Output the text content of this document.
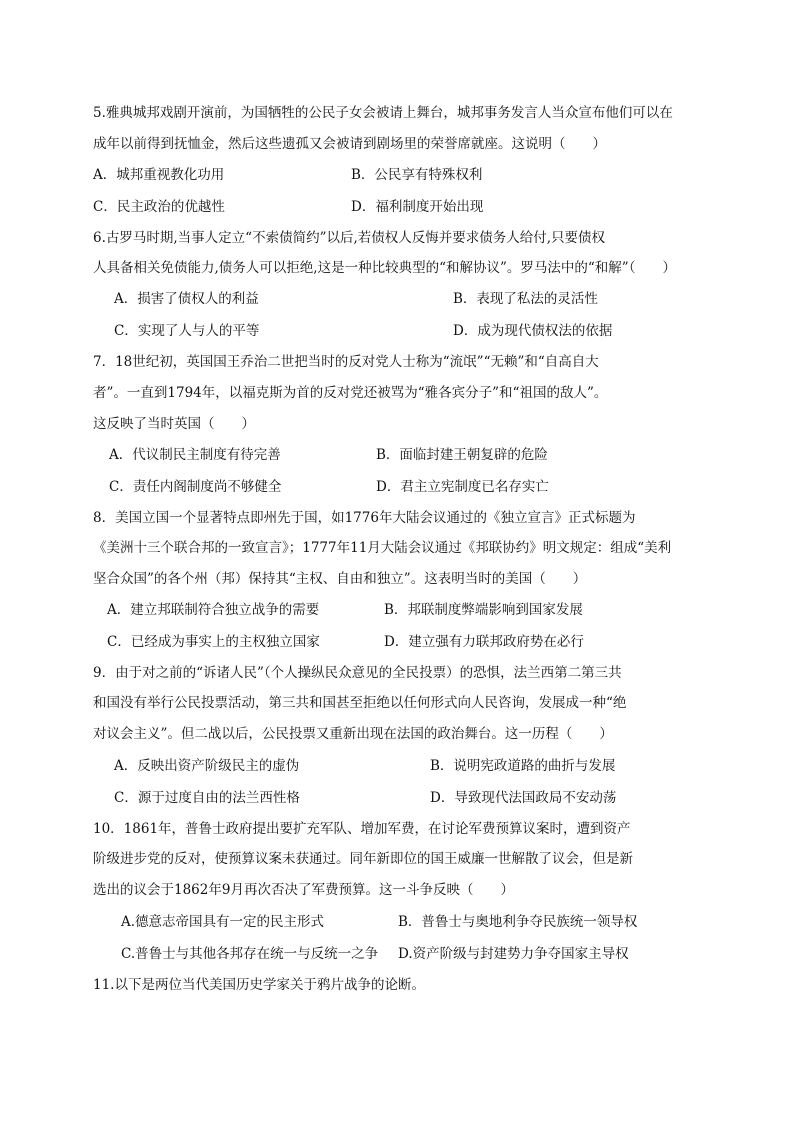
5.雅典城邦戏剧开演前，为国牺牲的公民子女会被请上舞台，城邦事务发言人当众宣布他们可以在
成年以前得到抚恤金，然后这些遗孤又会被请到剧场里的荣誉席就座。这说明（　　）
A．城邦重视教化功用	B．公民享有特殊权利
C．民主政治的优越性	D．福利制度开始出现
6.古罗马时期,当事人定立“不索债简约”以后,若债权人反悔并要求债务人给付,只要债权
人具备相关免债能力,债务人可以拒绝,这是一种比较典型的“和解协议”。罗马法中的“和解”（　　）
A．损害了债权人的利益	B．表现了私法的灵活性
C．实现了人与人的平等	D．成为现代债权法的依据
7．18世纪初，英国国王乔治二世把当时的反对党人士称为“流氓”“无赖”和“自高自大
者”。一直到1794年，以福克斯为首的反对党还被骂为“雅各宾分子”和“祖国的敌人”。
这反映了当时英国（　　）
A．代议制民主制度有待完善	B．面临封建王朝复辟的危险
C．责任内阁制度尚不够健全	D．君主立宪制度已名存实亡
8．美国立国一个显著特点即州先于国，如1776年大陆会议通过的《独立宣言》正式标题为
《美洲十三个联合邦的一致宣言》；1777年11月大陆会议通过《邦联协约》明文规定：组成“美利
坚合众国”的各个州（邦）保持其“主权、自由和独立”。这表明当时的美国（　　）
A．建立邦联制符合独立战争的需要	B．邦联制度弊端影响到国家发展
C．已经成为事实上的主权独立国家	D．建立强有力联邦政府势在必行
9．由于对之前的“诉诸人民”（个人操纵民众意见的全民投票）的恐惧，法兰西第二第三共
和国没有举行公民投票活动，第三共和国甚至拒绝以任何形式向人民咨询，发展成一种“绝
对议会主义”。但二战以后，公民投票又重新出现在法国的政治舞台。这一历程（　　）
A．反映出资产阶级民主的虚伪	B．说明宪政道路的曲折与发展
C．源于过度自由的法兰西性格	D．导致现代法国政局不安动荡
10．1861年，普鲁士政府提出要扩充军队、增加军费，在讨论军费预算议案时，遭到资产
阶级进步党的反对，使预算议案未获通过。同年新即位的国王威廉一世解散了议会，但是新
选出的议会于1862年9月再次否决了军费预算。这一斗争反映（　　）
A.德意志帝国具有一定的民主形式	B．普鲁士与奥地利争夺民族统一领导权
C.普鲁士与其他各邦存在统一与反统一之争 D.资产阶级与封建势力争夺国家主导权
11.以下是两位当代美国历史学家关于鸦片战争的论断。
